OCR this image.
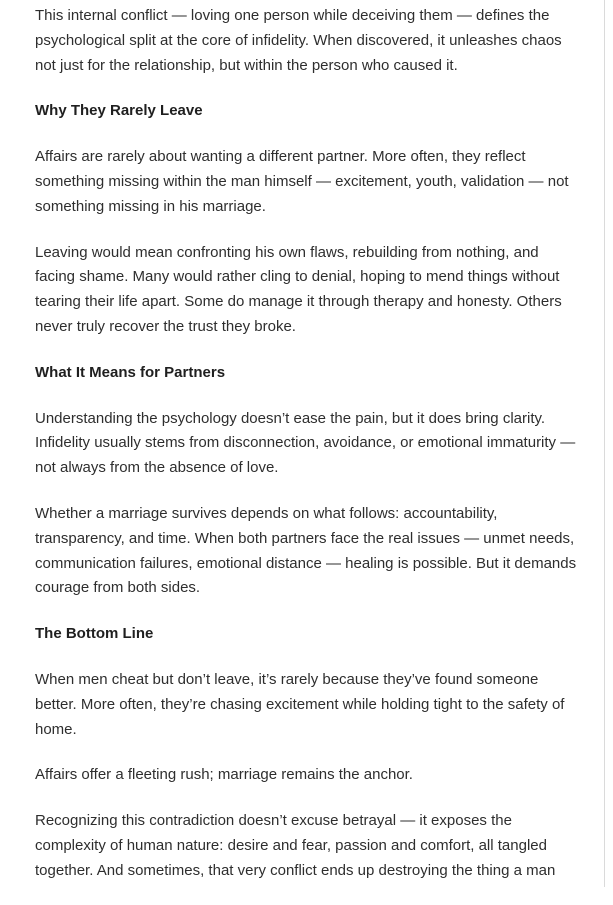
This internal conflict — loving one person while deceiving them — defines the psychological split at the core of infidelity. When discovered, it unleashes chaos not just for the relationship, but within the person who caused it.

Why They Rarely Leave

Affairs are rarely about wanting a different partner. More often, they reflect something missing within the man himself — excitement, youth, validation — not something missing in his marriage.

Leaving would mean confronting his own flaws, rebuilding from nothing, and facing shame. Many would rather cling to denial, hoping to mend things without tearing their life apart. Some do manage it through therapy and honesty. Others never truly recover the trust they broke.

What It Means for Partners

Understanding the psychology doesn’t ease the pain, but it does bring clarity. Infidelity usually stems from disconnection, avoidance, or emotional immaturity — not always from the absence of love.

Whether a marriage survives depends on what follows: accountability, transparency, and time. When both partners face the real issues — unmet needs, communication failures, emotional distance — healing is possible. But it demands courage from both sides.

The Bottom Line

When men cheat but don’t leave, it’s rarely because they’ve found someone better. More often, they’re chasing excitement while holding tight to the safety of home.

Affairs offer a fleeting rush; marriage remains the anchor.

Recognizing this contradiction doesn’t excuse betrayal — it exposes the complexity of human nature: desire and fear, passion and comfort, all tangled together. And sometimes, that very conflict ends up destroying the thing a man
